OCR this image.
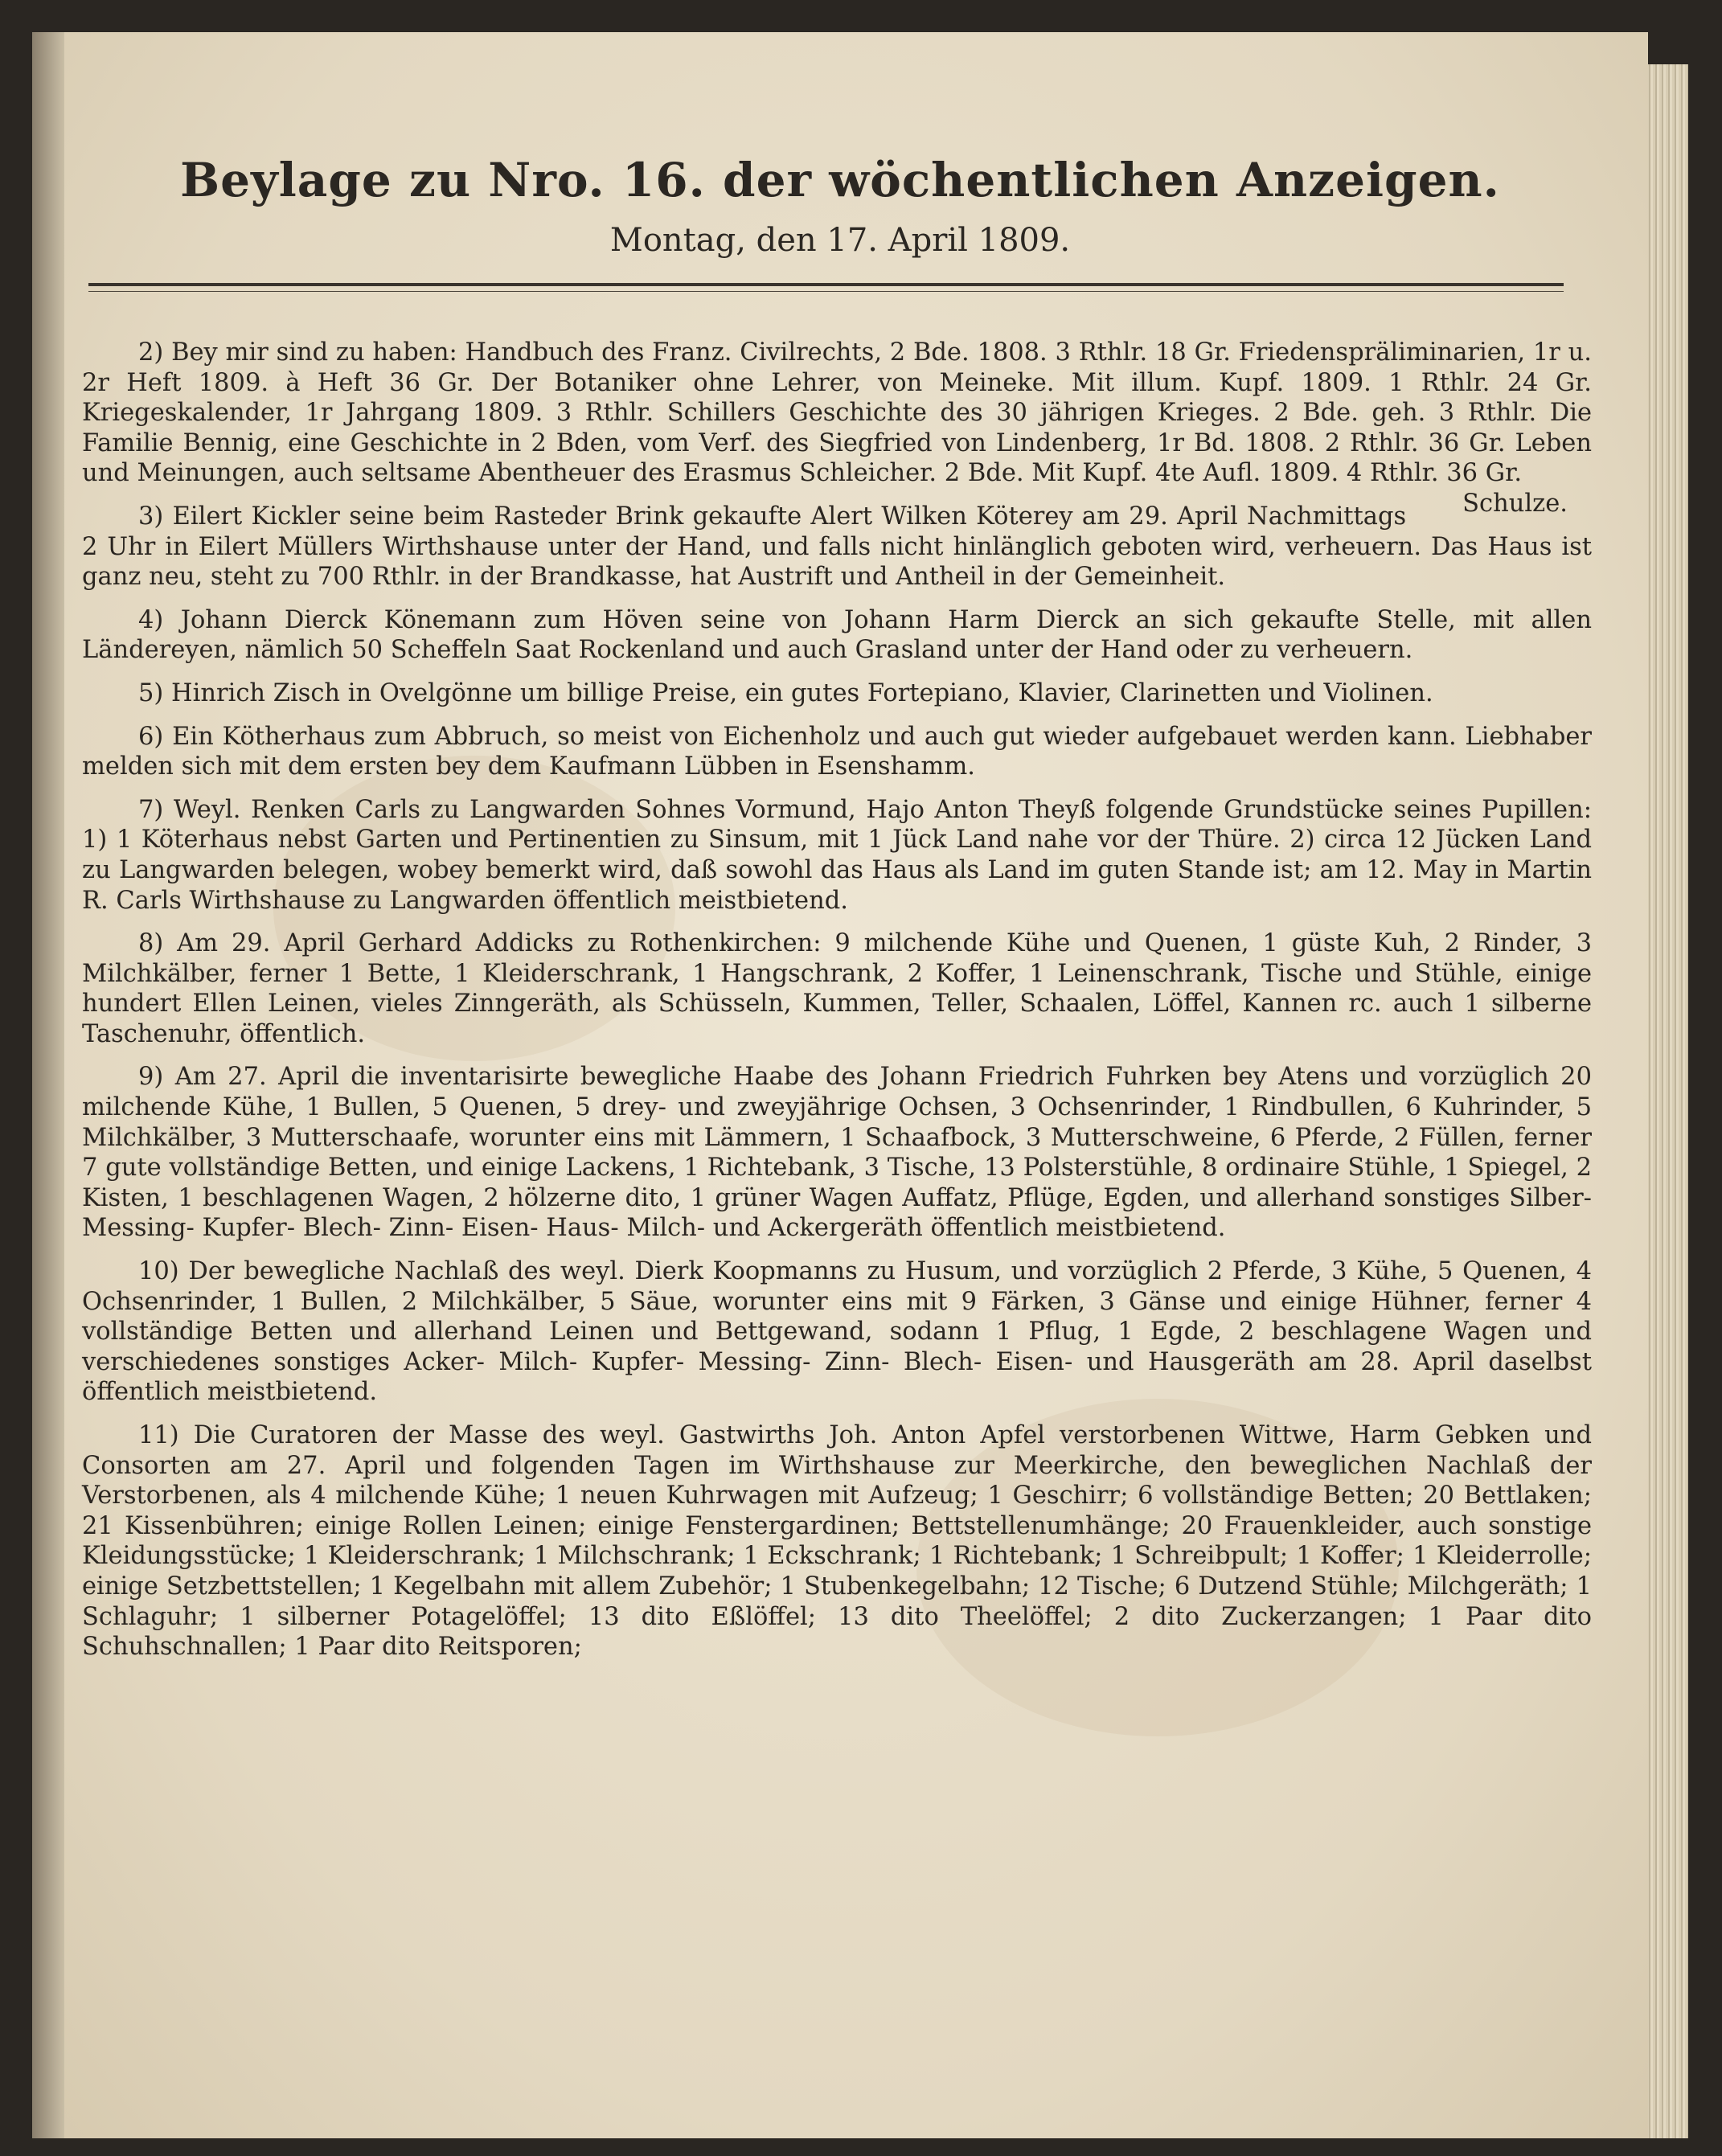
Beylage zu Nro. 16. der wöchentlichen Anzeigen.
Montag, den 17. April 1809.

2) Bey mir sind zu haben: Handbuch des Franz. Civilrechts, 2 Bde. 1808. 3 Rthlr. 18 Gr. Friedenspräliminarien, 1r u. 2r Heft 1809. à Heft 36 Gr. Der Botaniker ohne Lehrer, von Meineke. Mit illum. Kupf. 1809. 1 Rthlr. 24 Gr. Kriegeskalender, 1r Jahrgang 1809. 3 Rthlr. Schillers Geschichte des 30 jährigen Krieges. 2 Bde. geh. 3 Rthlr. Die Familie Bennig, eine Geschichte in 2 Bden, vom Verf. des Siegfried von Lindenberg, 1r Bd. 1808. 2 Rthlr. 36 Gr. Leben und Meinungen, auch seltsame Abentheuer des Erasmus Schleicher. 2 Bde. Mit Kupf. 4te Aufl. 1809. 4 Rthlr. 36 Gr.
Schulze.

3) Eilert Kickler seine beim Rasteder Brink gekaufte Alert Wilken Köterey am 29. April Nachmittags 2 Uhr in Eilert Müllers Wirthshause unter der Hand, und falls nicht hinlänglich geboten wird, verheuern. Das Haus ist ganz neu, steht zu 700 Rthlr. in der Brandkasse, hat Austrift und Antheil in der Gemeinheit.

4) Johann Dierck Könemann zum Höven seine von Johann Harm Dierck an sich gekaufte Stelle, mit allen Ländereyen, nämlich 50 Scheffeln Saat Rockenland und auch Grasland unter der Hand oder zu verheuern.

5) Hinrich Zisch in Ovelgönne um billige Preise, ein gutes Fortepiano, Klavier, Clarinetten und Violinen.

6) Ein Kötherhaus zum Abbruch, so meist von Eichenholz und auch gut wieder aufgebauet werden kann. Liebhaber melden sich mit dem ersten bey dem Kaufmann Lübben in Esenshamm.

7) Weyl. Renken Carls zu Langwarden Sohnes Vormund, Hajo Anton Theyß folgende Grundstücke seines Pupillen: 1) 1 Köterhaus nebst Garten und Pertinentien zu Sinsum, mit 1 Jück Land nahe vor der Thüre. 2) circa 12 Jücken Land zu Langwarden belegen, wobey bemerkt wird, daß sowohl das Haus als Land im guten Stande ist; am 12. May in Martin R. Carls Wirthshause zu Langwarden öffentlich meistbietend.

8) Am 29. April Gerhard Addicks zu Rothenkirchen: 9 milchende Kühe und Quenen, 1 güste Kuh, 2 Rinder, 3 Milchkälber, ferner 1 Bette, 1 Kleiderschrank, 1 Hangschrank, 2 Koffer, 1 Leinenschrank, Tische und Stühle, einige hundert Ellen Leinen, vieles Zinngeräth, als Schüsseln, Kummen, Teller, Schaalen, Löffel, Kannen rc. auch 1 silberne Taschenuhr, öffentlich.

9) Am 27. April die inventarisirte bewegliche Haabe des Johann Friedrich Fuhrken bey Atens und vorzüglich 20 milchende Kühe, 1 Bullen, 5 Quenen, 5 drey- und zweyjährige Ochsen, 3 Ochsenrinder, 1 Rindbullen, 6 Kuhrinder, 5 Milchkälber, 3 Mutterschaafe, worunter eins mit Lämmern, 1 Schaafbock, 3 Mutterschweine, 6 Pferde, 2 Füllen, ferner 7 gute vollständige Betten, und einige Lackens, 1 Richtebank, 3 Tische, 13 Polsterstühle, 8 ordinaire Stühle, 1 Spiegel, 2 Kisten, 1 beschlagenen Wagen, 2 hölzerne dito, 1 grüner Wagen Auffatz, Pflüge, Egden, und allerhand sonstiges Silber- Messing- Kupfer- Blech- Zinn- Eisen- Haus- Milch- und Ackergeräth öffentlich meistbietend.

10) Der bewegliche Nachlaß des weyl. Dierk Koopmanns zu Husum, und vorzüglich 2 Pferde, 3 Kühe, 5 Quenen, 4 Ochsenrinder, 1 Bullen, 2 Milchkälber, 5 Säue, worunter eins mit 9 Färken, 3 Gänse und einige Hühner, ferner 4 vollständige Betten und allerhand Leinen und Bettgewand, sodann 1 Pflug, 1 Egde, 2 beschlagene Wagen und verschiedenes sonstiges Acker- Milch- Kupfer- Messing- Zinn- Blech- Eisen- und Hausgeräth am 28. April daselbst öffentlich meistbietend.

11) Die Curatoren der Masse des weyl. Gastwirths Joh. Anton Apfel verstorbenen Wittwe, Harm Gebken und Consorten am 27. April und folgenden Tagen im Wirthshause zur Meerkirche, den beweglichen Nachlaß der Verstorbenen, als 4 milchende Kühe; 1 neuen Kuhrwagen mit Aufzeug; 1 Geschirr; 6 vollständige Betten; 20 Bettlaken; 21 Kissenbühren; einige Rollen Leinen; einige Fenstergardinen; Bettstellenumhänge; 20 Frauenkleider, auch sonstige Kleidungsstücke; 1 Kleiderschrank; 1 Milchschrank; 1 Eckschrank; 1 Richtebank; 1 Schreibpult; 1 Koffer; 1 Kleiderrolle; einige Setzbettstellen; 1 Kegelbahn mit allem Zubehör; 1 Stubenkegelbahn; 12 Tische; 6 Dutzend Stühle; Milchgeräth; 1 Schlaguhr; 1 silberner Potagelöffel; 13 dito Eßlöffel; 13 dito Theelöffel; 2 dito Zuckerzangen; 1 Paar dito Schuhschnallen; 1 Paar dito Reitsporen;
